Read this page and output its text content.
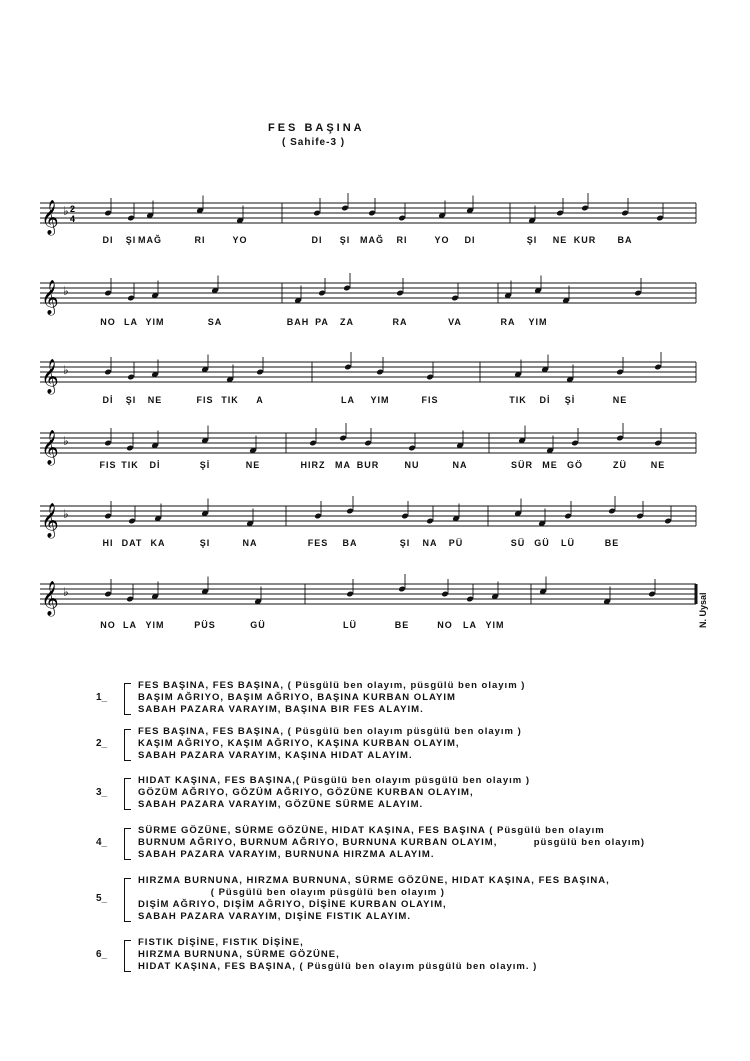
FES BAŞINA
( Sahife-3 )
𝄞 ♭ 2
4
DI ŞI MAĞ	RI	YO	DI ŞI MAĞ RI	YO DI	ŞI NE KUR BA
𝄞 ♭
NO LA YIM	SA	BAH PA ZA	RA	VA	RA YIM
𝄞 ♭
Dİ ŞI NE	FIS TIK A	LA YIM	FIS	TIK Dİ Şİ	NE
𝄞 ♭
FIS TIK Dİ	Şİ	NE	HIRZ MA BUR	NU	NA	SÜR ME GÖ	ZÜ	NE
𝄞 ♭
HI DAT KA	ŞI	NA	FES BA	ŞI NA PÜ	SÜ GÜ LÜ	BE
𝄞 ♭
NO LA YIM	PÜS	GÜ	LÜ	BE	NO LA YIM	N. Uysal
1_
FES BAŞINA, FES BAŞINA, ( Püsgülü ben olayım, püsgülü ben olayım )
BAŞIM AĞRIYO, BAŞIM AĞRIYO, BAŞINA KURBAN OLAYIM
SABAH PAZARA VARAYIM, BAŞINA BIR FES ALAYIM.
2_
FES BAŞINA, FES BAŞINA, ( Püsgülü ben olayım püsgülü ben olayım )
KAŞIM AĞRIYO, KAŞIM AĞRIYO, KAŞINA KURBAN OLAYIM,
SABAH PAZARA VARAYIM, KAŞINA HIDAT ALAYIM.
3_
HIDAT KAŞINA, FES BAŞINA,( Püsgülü ben olayım püsgülü ben olayım )
GÖZÜM AĞRIYO, GÖZÜM AĞRIYO, GÖZÜNE KURBAN OLAYIM,
SABAH PAZARA VARAYIM, GÖZÜNE SÜRME ALAYIM.
4_
SÜRME GÖZÜNE, SÜRME GÖZÜNE, HIDAT KAŞINA, FES BAŞINA ( Püsgülü ben olayım
BURNUM AĞRIYO, BURNUM AĞRIYO, BURNUNA KURBAN OLAYIM,          püsgülü ben olayım)
SABAH PAZARA VARAYIM, BURNUNA HIRZMA ALAYIM.
5_
HIRZMA BURNUNA, HIRZMA BURNUNA, SÜRME GÖZÜNE, HIDAT KAŞINA, FES BAŞINA,
( Püsgülü ben olayım püsgülü ben olayım )
DIŞİM AĞRIYO, DIŞİM AĞRIYO, DİŞİNE KURBAN OLAYIM,
SABAH PAZARA VARAYIM, DIŞİNE FISTIK ALAYIM.
6_
FISTIK DİŞİNE, FISTIK DİŞİNE,
HIRZMA BURNUNA, SÜRME GÖZÜNE,
HIDAT KAŞINA, FES BAŞINA, ( Püsgülü ben olayım püsgülü ben olayım. )
